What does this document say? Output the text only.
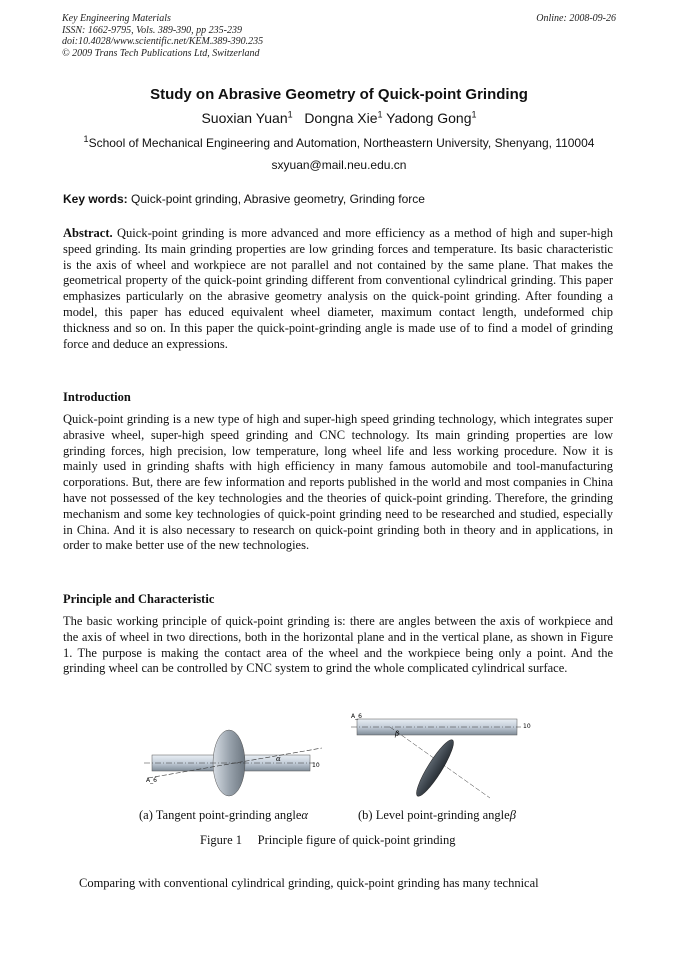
Key Engineering Materials
ISSN: 1662-9795, Vols. 389-390, pp 235-239
doi:10.4028/www.scientific.net/KEM.389-390.235
© 2009 Trans Tech Publications Ltd, Switzerland
Online: 2008-09-26
Study on Abrasive Geometry of Quick-point Grinding
Suoxian Yuan$^1$ Dongna Xie$^1$ Yadong Gong$^1$
$^1$School of Mechanical Engineering and Automation, Northeastern University, Shenyang, 110004
sxyuan@mail.neu.edu.cn
Key words: Quick-point grinding, Abrasive geometry, Grinding force
Abstract. Quick-point grinding is more advanced and more efficiency as a method of high and super-high speed grinding. Its main grinding properties are low grinding forces and temperature. Its basic characteristic is the axis of wheel and workpiece are not parallel and not contained by the same plane. That makes the geometrical property of the quick-point grinding different from conventional cylindrical grinding. This paper emphasizes particularly on the abrasive geometry analysis on the quick-point grinding. After founding a model, this paper has educed equivalent wheel diameter, maximum contact length, undeformed chip thickness and so on. In this paper the quick-point-grinding angle is made use of to find a model of grinding force and deduce an expressions.
Introduction
Quick-point grinding is a new type of high and super-high speed grinding technology, which integrates super abrasive wheel, super-high speed grinding and CNC technology. Its main grinding properties are low grinding forces, high precision, low temperature, long wheel life and less working procedure. Now it is mainly used in grinding shafts with high efficiency in many famous automobile and tool-manufacturing corporations. But, there are few information and reports published in the world and most companies in China have not possessed of the key technologies and the theories of quick-point grinding. Therefore, the grinding mechanism and some key technologies of quick-point grinding need to be researched and studied, especially in China. And it is also necessary to research on quick-point grinding both in theory and in applications, in order to make better use of the new technologies.
Principle and Characteristic
The basic working principle of quick-point grinding is: there are angles between the axis of workpiece and the axis of wheel in two directions, both in the horizontal plane and in the vertical plane, as shown in Figure 1. The purpose is making the contact area of the wheel and the workpiece being only a point. And the grinding wheel can be controlled by CNC system to grind the whole complicated cylindrical surface.
A_6
10
α
A_6
10
β
(a) Tangent point-grinding angleα	(b) Level point-grinding angleβ
Figure 1     Principle figure of quick-point grinding
Comparing with conventional cylindrical grinding, quick-point grinding has many technical
